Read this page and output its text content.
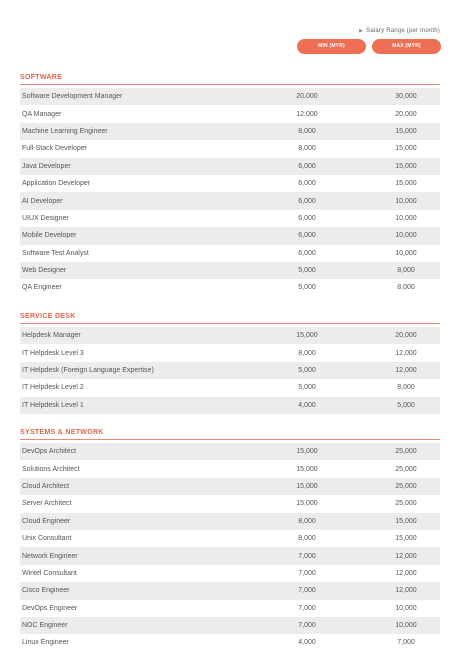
▶ Salary Range (per month)
MIN (MYR)	MAX (MYR)
SOFTWARE
Software Development Manager	20,000	30,000
QA Manager	12,000	20,000
Machine Learning Engineer	8,000	15,000
Full-Stack Developer	8,000	15,000
Java Developer	6,000	15,000
Application Developer	6,000	15,000
AI Developer	6,000	10,000
UIUX Designer	6,000	10,000
Mobile Developer	6,000	10,000
Software Test Analyst	6,000	10,000
Web Designer	5,000	8,000
QA Engineer	5,000	8,000
SERVICE DESK
Helpdesk Manager	15,000	20,000
IT Helpdesk Level 3	8,000	12,000
IT Helpdesk (Foreign Language Expertise)	5,000	12,000
IT Helpdesk Level 2	5,000	8,000
IT Helpdesk Level 1	4,000	5,000
SYSTEMS & NETWORK
DevOps Architect	15,000	25,000
Solutions Architect	15,000	25,000
Cloud Architect	15,000	25,000
Server Architect	15,000	25,000
Cloud Engineer	8,000	15,000
Unix Consultant	8,000	15,000
Network Engineer	7,000	12,000
Wintel Consultant	7,000	12,000
Cisco Engineer	7,000	12,000
DevOps Engineer	7,000	10,000
NOC Engineer	7,000	10,000
Linux Engineer	4,000	7,000
